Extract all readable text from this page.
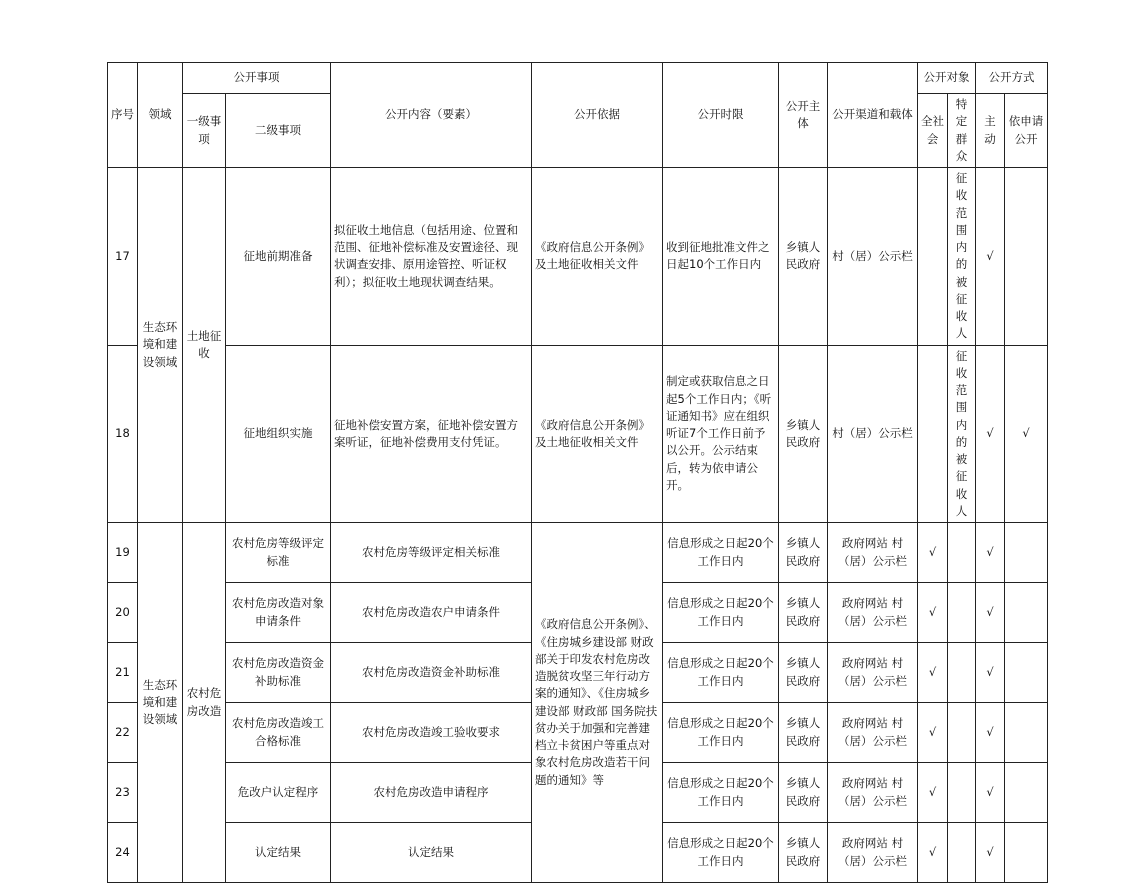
序号	领域	公开事项		公开内容（要素）	公开依据	公开时限	公开主体	公开渠道和载体	公开对象		公开方式	
		一级事项	二级事项						全社会	特定群众	主动	依申请公开
17	生态环境和建设领域	土地征收	征地前期准备	拟征收土地信息（包括用途、位置和范围、征地补偿标准及安置途径、现状调查安排、原用途管控、听证权利）；拟征收土地现状调查结果。	《政府信息公开条例》及土地征收相关文件	收到征地批准文件之日起10个工作日内	乡镇人民政府	村（居）公示栏		征收范围内的被征收人	√	
18			征地组织实施	征地补偿安置方案，征地补偿安置方案听证，征地补偿费用支付凭证。	《政府信息公开条例》及土地征收相关文件	制定或获取信息之日起5个工作日内；《听证通知书》应在组织听证7个工作日前予以公开。公示结束后，转为依申请公开。	乡镇人民政府	村（居）公示栏		征收范围内的被征收人	√	√
19	生态环境和建设领域	农村危房改造	农村危房等级评定标准	农村危房等级评定相关标准	《政府信息公开条例》、《住房城乡建设部 财政部关于印发农村危房改造脱贫攻坚三年行动方案的通知》、《住房城乡建设部 财政部 国务院扶贫办关于加强和完善建档立卡贫困户等重点对象农村危房改造若干问题的通知》等	信息形成之日起20个工作日内	乡镇人民政府	政府网站 村（居）公示栏	√		√	
20			农村危房改造对象申请条件	农村危房改造农户申请条件		信息形成之日起20个工作日内	乡镇人民政府	政府网站 村（居）公示栏	√		√	
21			农村危房改造资金补助标准	农村危房改造资金补助标准		信息形成之日起20个工作日内	乡镇人民政府	政府网站 村（居）公示栏	√		√	
22			农村危房改造竣工合格标准	农村危房改造竣工验收要求		信息形成之日起20个工作日内	乡镇人民政府	政府网站 村（居）公示栏	√		√	
23			危改户认定程序	农村危房改造申请程序		信息形成之日起20个工作日内	乡镇人民政府	政府网站 村（居）公示栏	√		√	
24			认定结果	认定结果		信息形成之日起20个工作日内	乡镇人民政府	政府网站 村（居）公示栏	√		√	
